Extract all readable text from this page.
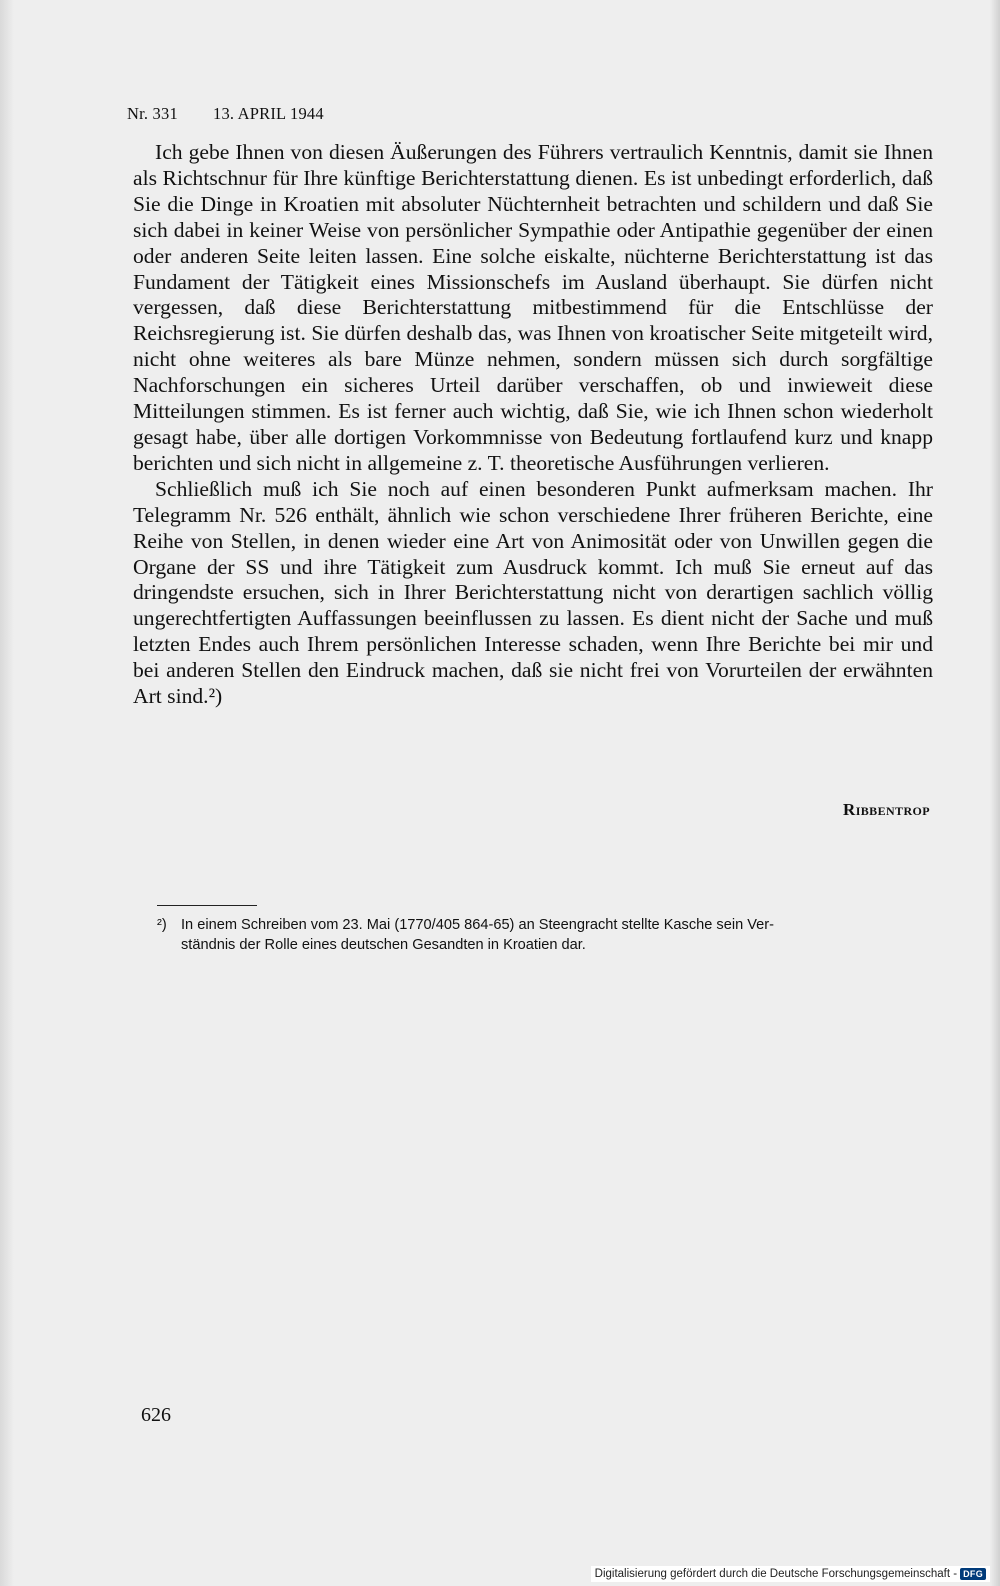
Nr. 331 13. APRIL 1944

Ich gebe Ihnen von diesen Äußerungen des Führers vertraulich Kenntnis, damit sie Ihnen als Richtschnur für Ihre künftige Berichterstattung dienen. Es ist unbedingt erforderlich, daß Sie die Dinge in Kroatien mit absoluter Nüchternheit betrachten und schildern und daß Sie sich dabei in keiner Weise von persönlicher Sympathie oder Antipathie gegenüber der einen oder anderen Seite leiten lassen. Eine solche eiskalte, nüchterne Berichterstattung ist das Fundament der Tätigkeit eines Missionschefs im Ausland überhaupt. Sie dürfen nicht vergessen, daß diese Berichterstattung mitbestimmend für die Entschlüsse der Reichsregierung ist. Sie dürfen deshalb das, was Ihnen von kroatischer Seite mitgeteilt wird, nicht ohne weiteres als bare Münze nehmen, sondern müssen sich durch sorgfältige Nachforschungen ein sicheres Urteil darüber verschaffen, ob und inwieweit diese Mitteilungen stimmen. Es ist ferner auch wichtig, daß Sie, wie ich Ihnen schon wiederholt gesagt habe, über alle dortigen Vorkommnisse von Bedeutung fortlaufend kurz und knapp berichten und sich nicht in allgemeine z. T. theoretische Ausführungen verlieren.

Schließlich muß ich Sie noch auf einen besonderen Punkt aufmerksam machen. Ihr Telegramm Nr. 526 enthält, ähnlich wie schon verschiedene Ihrer früheren Berichte, eine Reihe von Stellen, in denen wieder eine Art von Animosität oder von Unwillen gegen die Organe der SS und ihre Tätigkeit zum Ausdruck kommt. Ich muß Sie erneut auf das dringendste ersuchen, sich in Ihrer Berichterstattung nicht von derartigen sachlich völlig ungerechtfertigten Auffassungen beeinflussen zu lassen. Es dient nicht der Sache und muß letzten Endes auch Ihrem persönlichen Interesse schaden, wenn Ihre Berichte bei mir und bei anderen Stellen den Eindruck machen, daß sie nicht frei von Vorurteilen der erwähnten Art sind.²)

Ribbentrop
²) In einem Schreiben vom 23. Mai (1770/405 864-65) an Steengracht stellte Kasche sein Ver-
ständnis der Rolle eines deutschen Gesandten in Kroatien dar.
626
Digitalisierung gefördert durch die Deutsche Forschungsgemeinschaft - DFG
